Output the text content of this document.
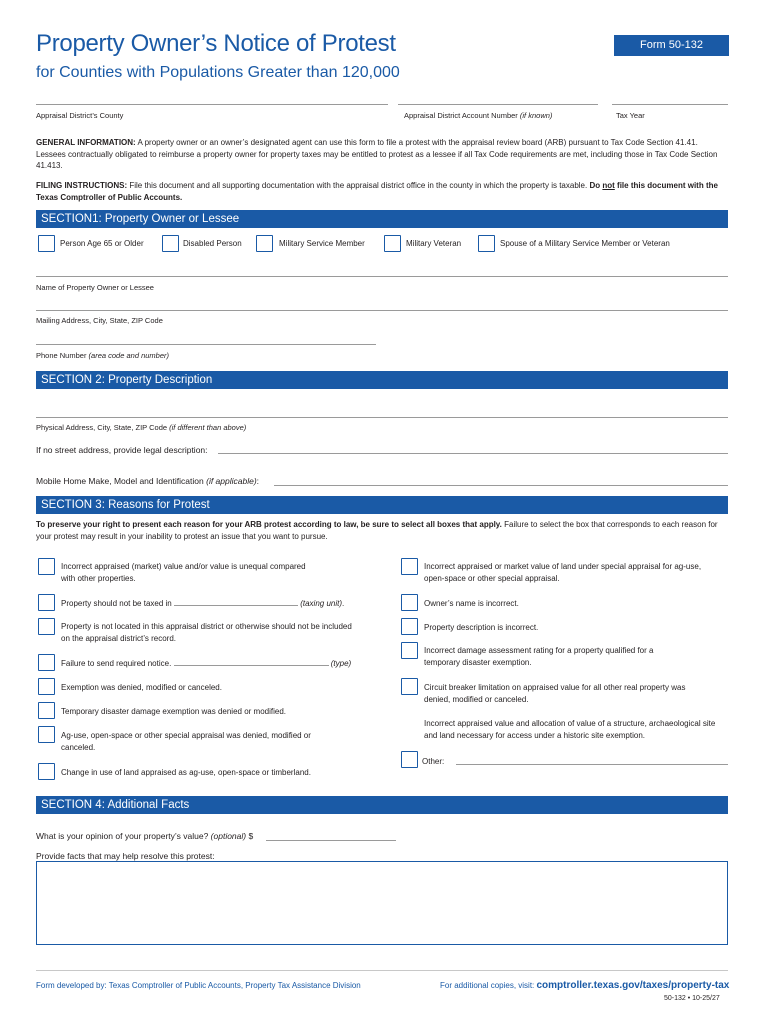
Property Owner’s Notice of Protest	Form 50-132
for Counties with Populations Greater than 120,000
Appraisal District’s County	Appraisal District Account Number (if known)	Tax Year
GENERAL INFORMATION: A property owner or an owner’s designated agent can use this form to file a protest with the appraisal review board (ARB) pursuant to Tax Code Section 41.41. Lessees contractually obligated to reimburse a property owner for property taxes may be entitled to protest as a lessee if all Tax Code requirements are met, including those in Tax Code Section 41.413.
FILING INSTRUCTIONS: File this document and all supporting documentation with the appraisal district office in the county in which the property is taxable. Do not file this document with the Texas Comptroller of Public Accounts.
SECTION1: Property Owner or Lessee
Person Age 65 or Older	Disabled Person	Military Service Member	Military Veteran	Spouse of a Military Service Member or Veteran
Name of Property Owner or Lessee
Mailing Address, City, State, ZIP Code
Phone Number (area code and number)
SECTION 2: Property Description
Physical Address, City, State, ZIP Code (if different than above)
If no street address, provide legal description:
Mobile Home Make, Model and Identification (if applicable):
SECTION 3: Reasons for Protest
To preserve your right to present each reason for your ARB protest according to law, be sure to select all boxes that apply. Failure to select the box that corresponds to each reason for your protest may result in your inability to protest an issue that you want to pursue.
Incorrect appraised (market) value and/or value is unequal compared with other properties.
Property should not be taxed in	(taxing unit).
Property is not located in this appraisal district or otherwise should not be included on the appraisal district’s record.
Failure to send required notice.	(type)
Exemption was denied, modified or canceled.
Temporary disaster damage exemption was denied or modified.
Ag-use, open-space or other special appraisal was denied, modified or canceled.
Change in use of land appraised as ag-use, open-space or timberland.
Incorrect appraised or market value of land under special appraisal for ag-use, open-space or other special appraisal.
Owner’s name is incorrect.
Property description is incorrect.
Incorrect damage assessment rating for a property qualified for a temporary disaster exemption.
Circuit breaker limitation on appraised value for all other real property was denied, modified or canceled.
Incorrect appraised value and allocation of value of a structure, archaeological site and land necessary for access under a historic site exemption.
Other:
SECTION 4: Additional Facts
What is your opinion of your property’s value? (optional) $
Provide facts that may help resolve this protest:
Form developed by: Texas Comptroller of Public Accounts, Property Tax Assistance Division	For additional copies, visit: comptroller.texas.gov/taxes/property-tax
50-132 • 10-25/27
